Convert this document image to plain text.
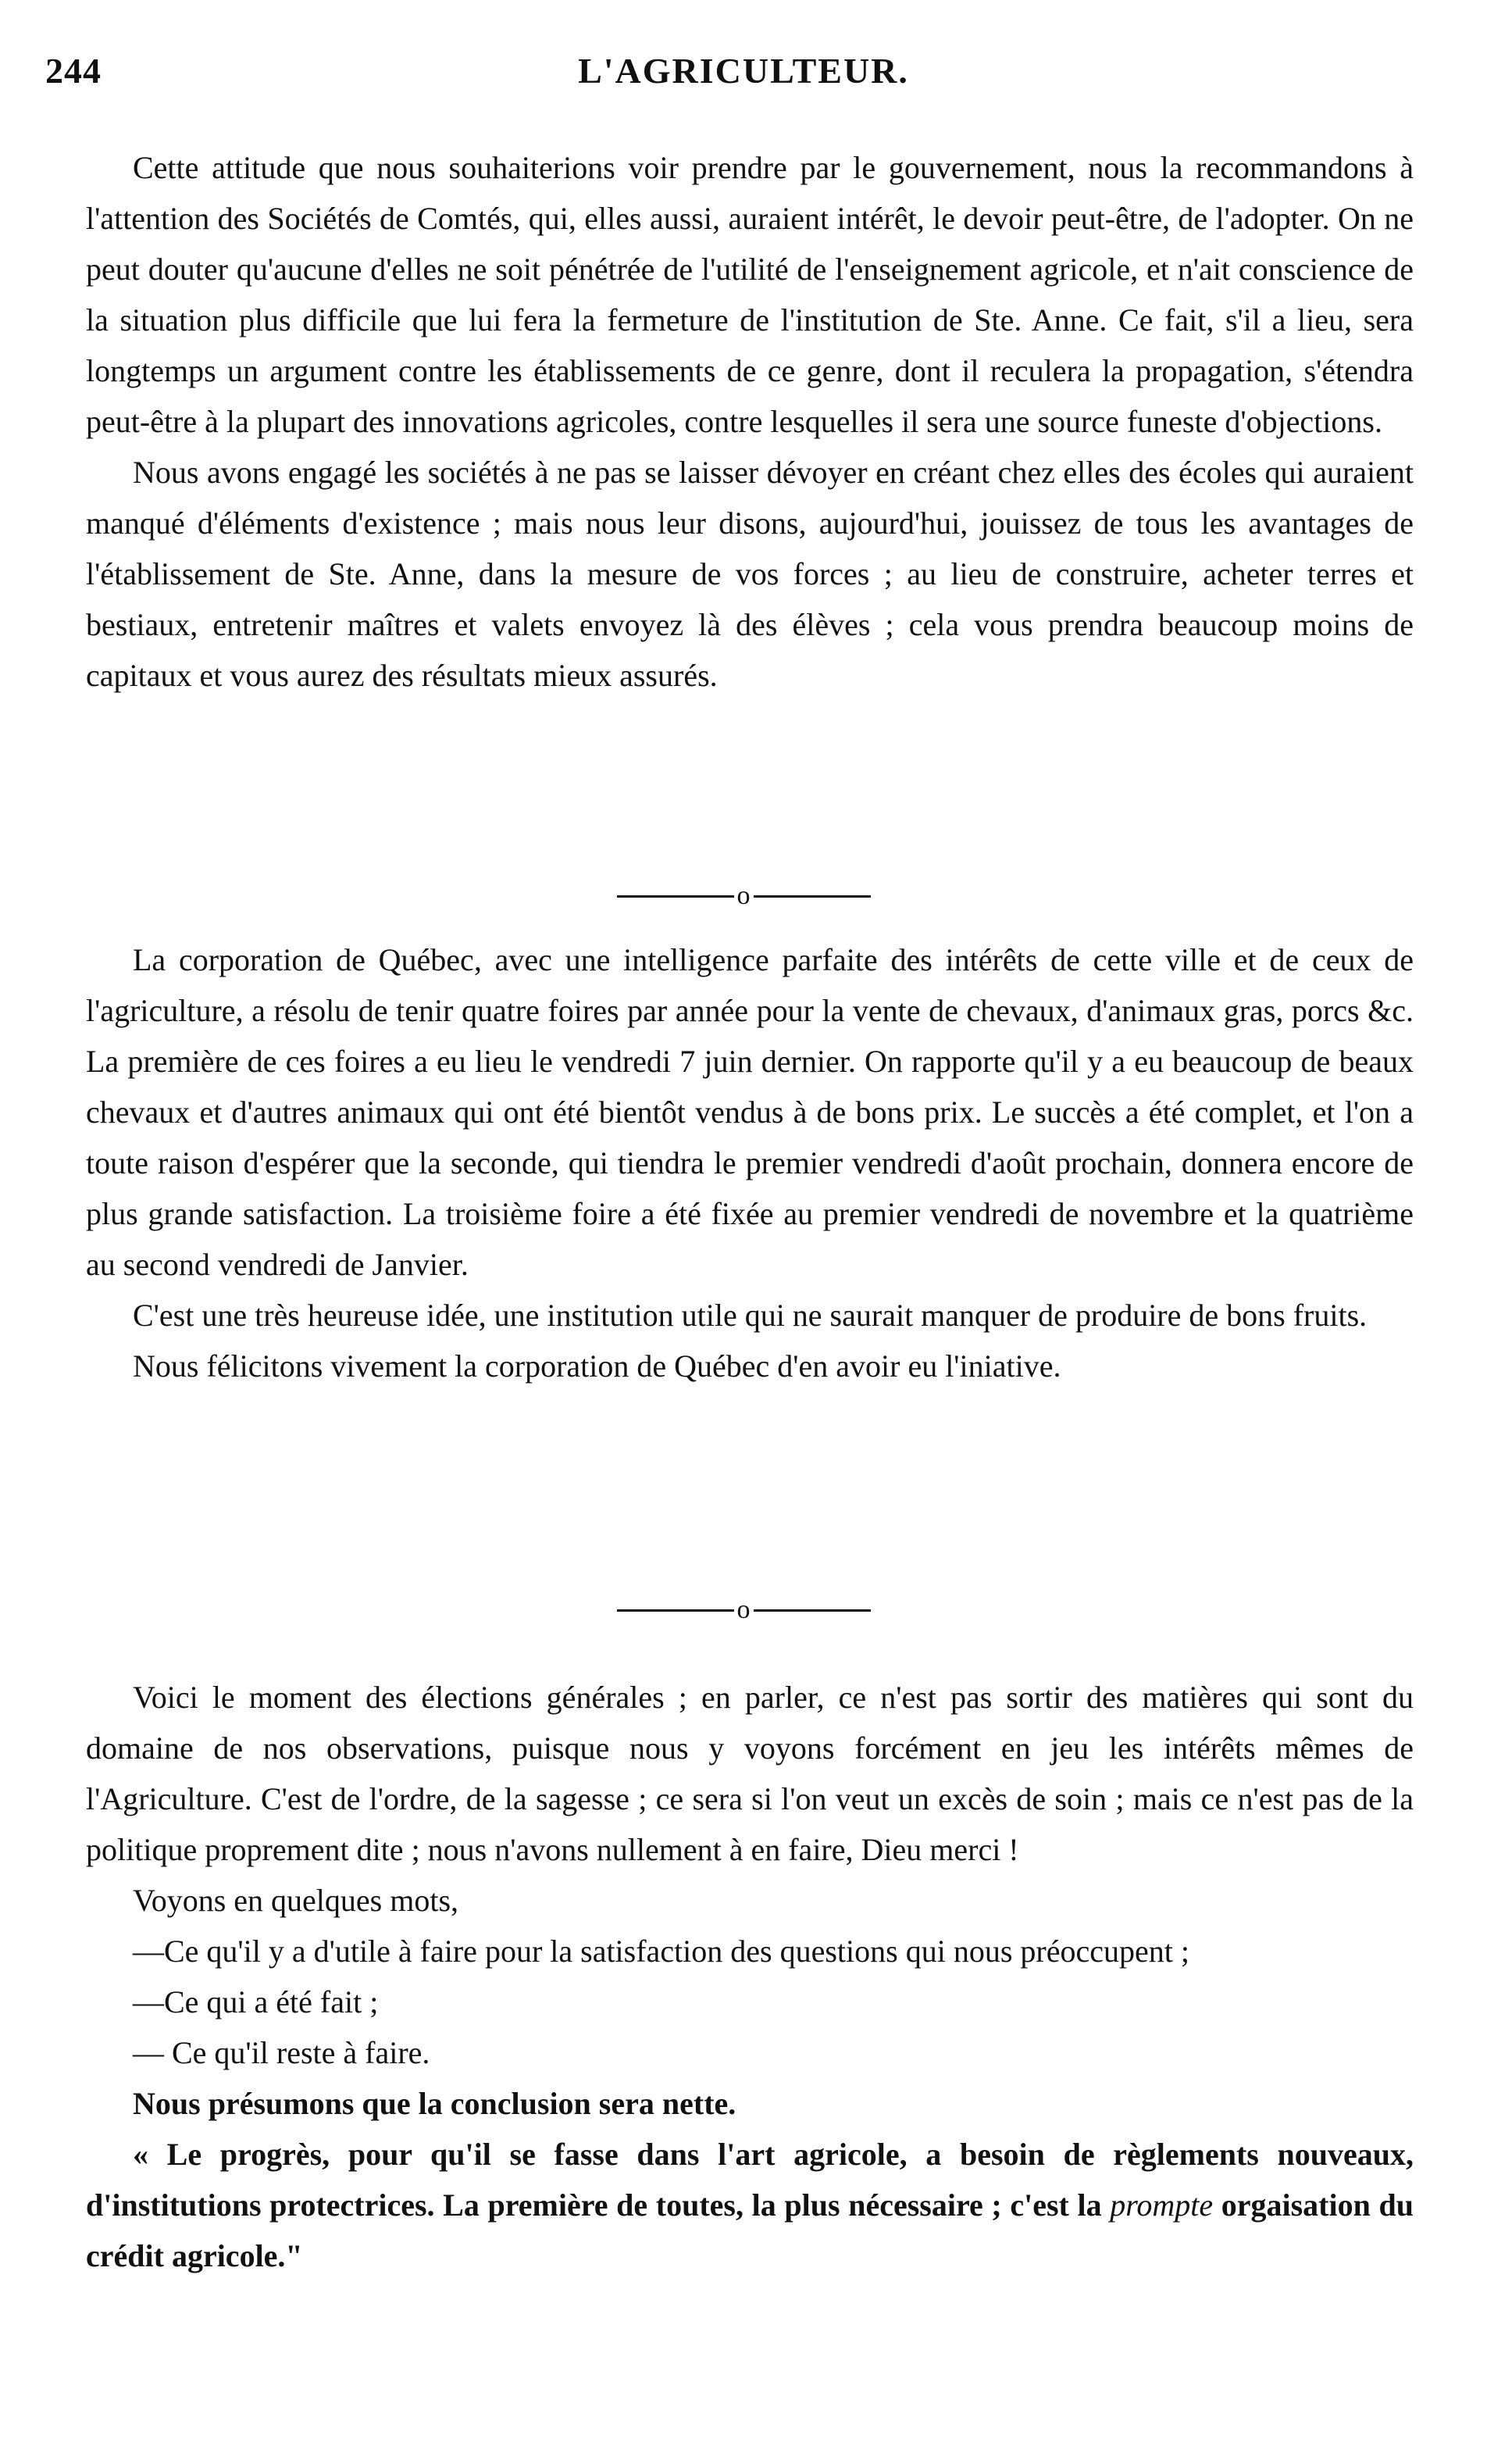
244	L'AGRICULTEUR.

Cette attitude que nous souhaiterions voir prendre par le gouvernement, nous la recommandons à l'attention des Sociétés de Comtés, qui, elles aussi, auraient intérêt, le devoir peut-être, de l'adopter. On ne peut douter qu'aucune d'elles ne soit pénétrée de l'utilité de l'enseignement agricole, et n'ait conscience de la situation plus difficile que lui fera la fermeture de l'institution de Ste. Anne. Ce fait, s'il a lieu, sera longtemps un argument contre les établissements de ce genre, dont il reculera la propagation, s'étendra peut-être à la plupart des innovations agricoles, contre lesquelles il sera une source funeste d'objections.

Nous avons engagé les sociétés à ne pas se laisser dévoyer en créant chez elles des écoles qui auraient manqué d'éléments d'existence ; mais nous leur disons, aujourd'hui, jouissez de tous les avantages de l'établissement de Ste. Anne, dans la mesure de vos forces ; au lieu de construire, acheter terres et bestiaux, entretenir maîtres et valets envoyez là des élèves ; cela vous prendra beaucoup moins de capitaux et vous aurez des résultats mieux assurés.

o

La corporation de Québec, avec une intelligence parfaite des intérêts de cette ville et de ceux de l'agriculture, a résolu de tenir quatre foires par année pour la vente de chevaux, d'animaux gras, porcs &c. La première de ces foires a eu lieu le vendredi 7 juin dernier. On rapporte qu'il y a eu beaucoup de beaux chevaux et d'autres animaux qui ont été bientôt vendus à de bons prix. Le succès a été complet, et l'on a toute raison d'espérer que la seconde, qui tiendra le premier vendredi d'août prochain, donnera encore de plus grande satisfaction. La troisième foire a été fixée au premier vendredi de novembre et la quatrième au second vendredi de Janvier.

C'est une très heureuse idée, une institution utile qui ne saurait manquer de produire de bons fruits.

Nous félicitons vivement la corporation de Québec d'en avoir eu l'iniative.

o

Voici le moment des élections générales ; en parler, ce n'est pas sortir des matières qui sont du domaine de nos observations, puisque nous y voyons forcément en jeu les intérêts mêmes de l'Agriculture. C'est de l'ordre, de la sagesse ; ce sera si l'on veut un excès de soin ; mais ce n'est pas de la politique proprement dite ; nous n'avons nullement à en faire, Dieu merci !

Voyons en quelques mots,

—Ce qu'il y a d'utile à faire pour la satisfaction des questions qui nous préoccupent ;

—Ce qui a été fait ;

— Ce qu'il reste à faire.

Nous présumons que la conclusion sera nette.

« Le progrès, pour qu'il se fasse dans l'art agricole, a besoin de règlements nouveaux, d'institutions protectrices. La première de toutes, la plus nécessaire ; c'est la prompte orgaisation du crédit agricole."
